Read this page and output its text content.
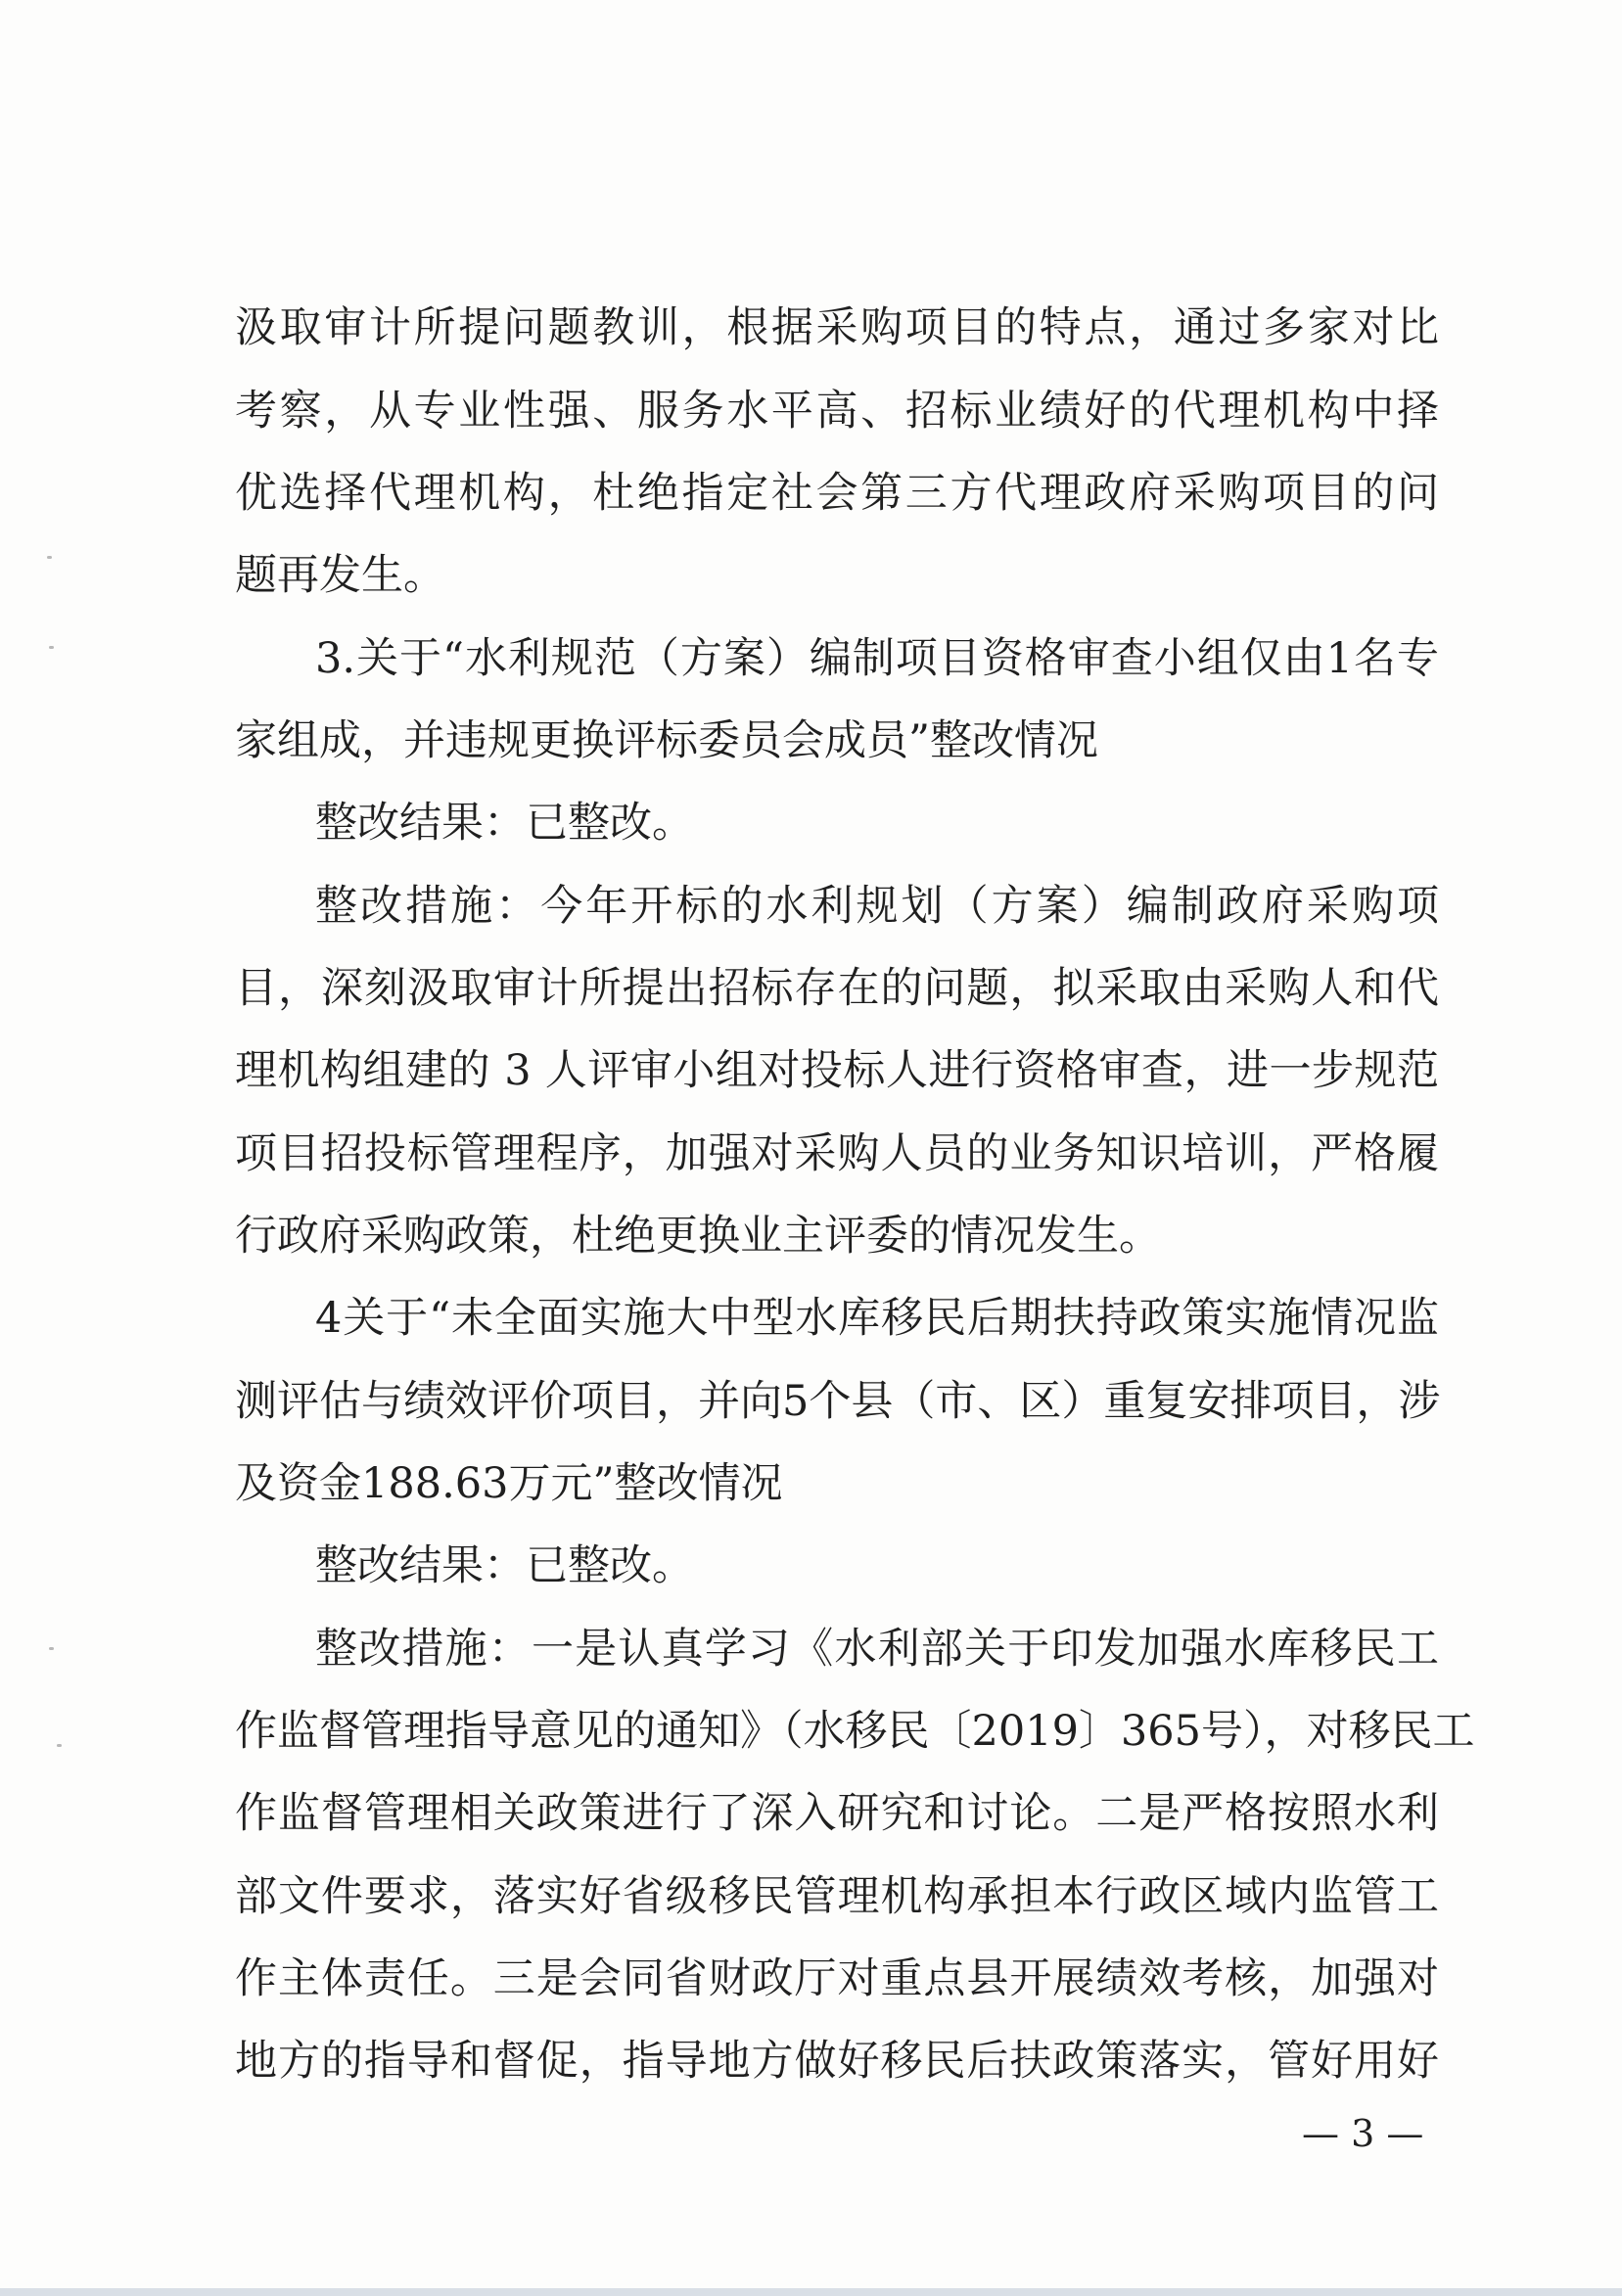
汲取审计所提问题教训，根据采购项目的特点，通过多家对比
考察，从专业性强、服务水平高、招标业绩好的代理机构中择
优选择代理机构，杜绝指定社会第三方代理政府采购项目的问
题再发生。
3.关于“水利规范（方案）编制项目资格审查小组仅由1名专
家组成，并违规更换评标委员会成员”整改情况
整改结果：已整改。
整改措施：今年开标的水利规划（方案）编制政府采购项
目，深刻汲取审计所提出招标存在的问题，拟采取由采购人和代
理机构组建的 3 人评审小组对投标人进行资格审查，进一步规范
项目招投标管理程序，加强对采购人员的业务知识培训，严格履
行政府采购政策，杜绝更换业主评委的情况发生。
4关于“未全面实施大中型水库移民后期扶持政策实施情况监
测评估与绩效评价项目，并向5个县（市、区）重复安排项目，涉
及资金188.63万元”整改情况
整改结果：已整改。
整改措施：一是认真学习《水利部关于印发加强水库移民工
作监督管理指导意见的通知》（水移民〔2019〕365号），对移民工
作监督管理相关政策进行了深入研究和讨论。二是严格按照水利
部文件要求，落实好省级移民管理机构承担本行政区域内监管工
作主体责任。三是会同省财政厅对重点县开展绩效考核，加强对
地方的指导和督促，指导地方做好移民后扶政策落实，管好用好
— 3 —
